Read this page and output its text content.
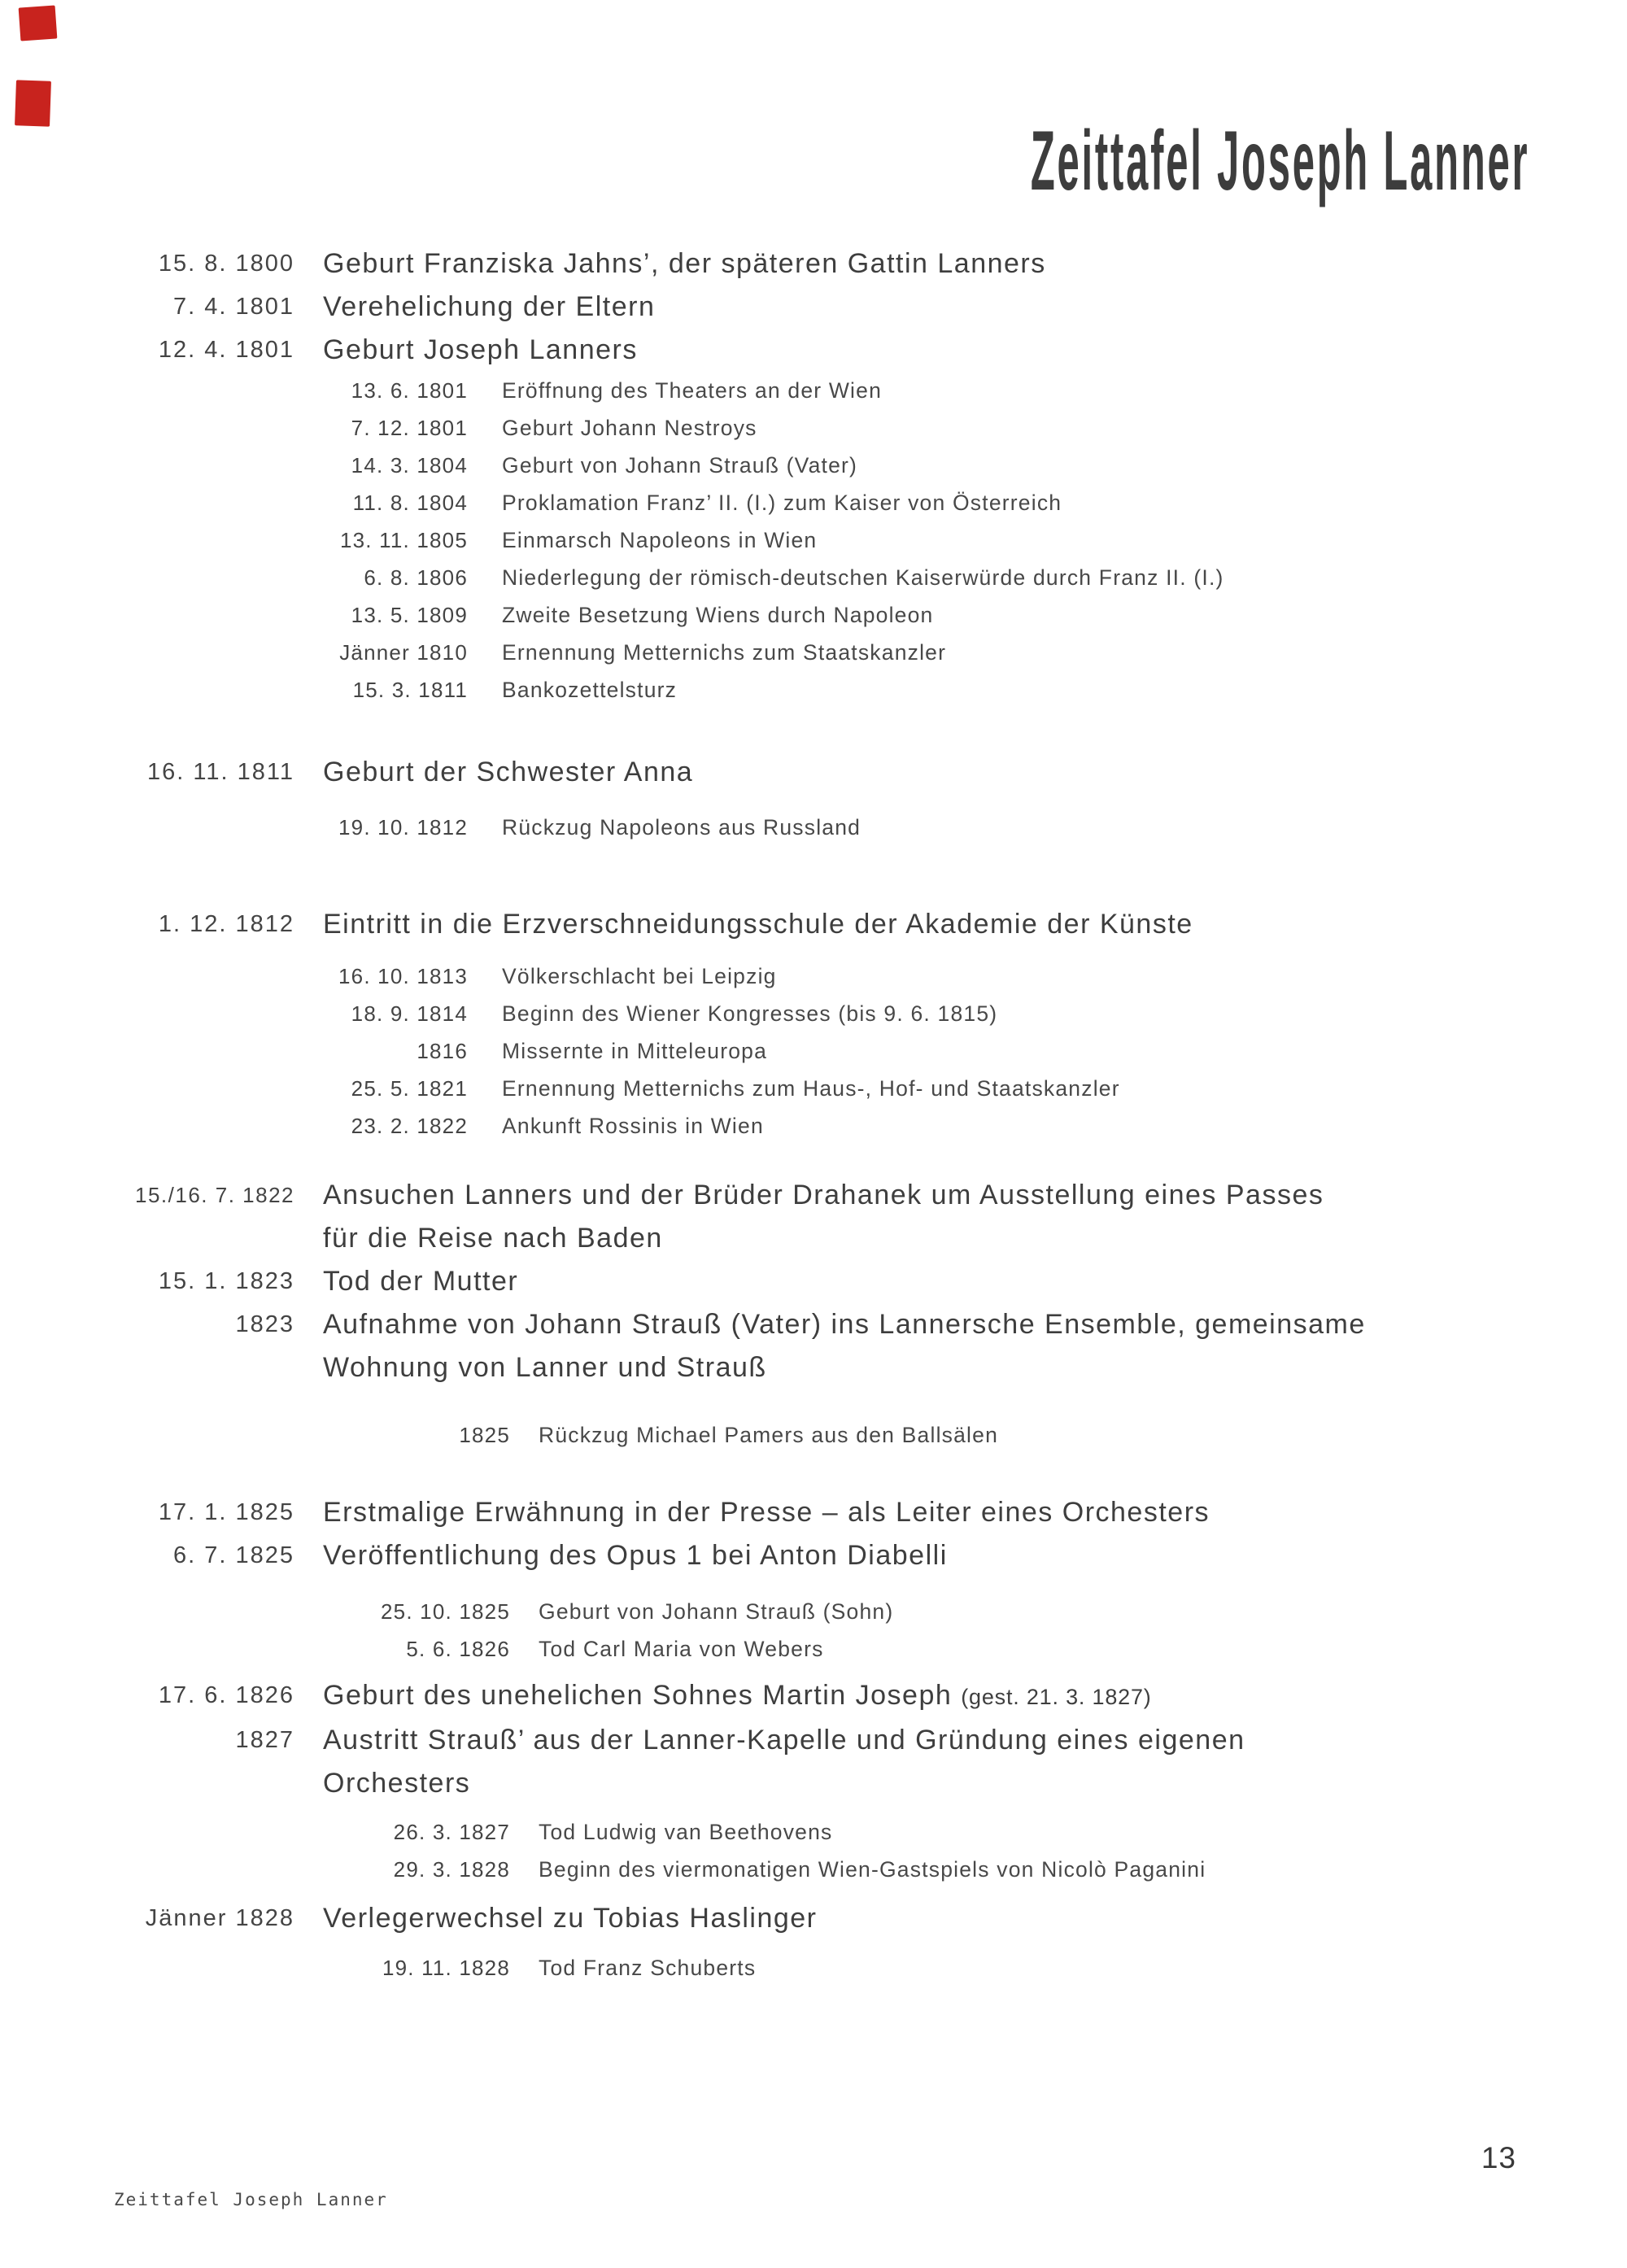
Zeittafel Joseph Lanner
15. 8. 1800 Geburt Franziska Jahns’, der späteren Gattin Lanners
7. 4. 1801 Verehelichung der Eltern
12. 4. 1801 Geburt Joseph Lanners
13. 6. 1801 Eröffnung des Theaters an der Wien
7. 12. 1801 Geburt Johann Nestroys
14. 3. 1804 Geburt von Johann Strauß (Vater)
11. 8. 1804 Proklamation Franz’ II. (I.) zum Kaiser von Österreich
13. 11. 1805 Einmarsch Napoleons in Wien
6. 8. 1806 Niederlegung der römisch-deutschen Kaiserwürde durch Franz II. (I.)
13. 5. 1809 Zweite Besetzung Wiens durch Napoleon
Jänner 1810 Ernennung Metternichs zum Staatskanzler
15. 3. 1811 Bankozettelsturz
16. 11. 1811 Geburt der Schwester Anna
19. 10. 1812 Rückzug Napoleons aus Russland
1. 12. 1812 Eintritt in die Erzverschneidungsschule der Akademie der Künste
16. 10. 1813 Völkerschlacht bei Leipzig
18. 9. 1814 Beginn des Wiener Kongresses (bis 9. 6. 1815)
1816 Missernte in Mitteleuropa
25. 5. 1821 Ernennung Metternichs zum Haus-, Hof- und Staatskanzler
23. 2. 1822 Ankunft Rossinis in Wien
15./16. 7. 1822 Ansuchen Lanners und der Brüder Drahanek um Ausstellung eines Passes
für die Reise nach Baden
15. 1. 1823 Tod der Mutter
1823 Aufnahme von Johann Strauß (Vater) ins Lannersche Ensemble, gemeinsame
Wohnung von Lanner und Strauß
1825 Rückzug Michael Pamers aus den Ballsälen
17. 1. 1825 Erstmalige Erwähnung in der Presse – als Leiter eines Orchesters
6. 7. 1825 Veröffentlichung des Opus 1 bei Anton Diabelli
25. 10. 1825 Geburt von Johann Strauß (Sohn)
5. 6. 1826 Tod Carl Maria von Webers
17. 6. 1826 Geburt des unehelichen Sohnes Martin Joseph (gest. 21. 3. 1827)
1827 Austritt Strauß’ aus der Lanner-Kapelle und Gründung eines eigenen
Orchesters
26. 3. 1827 Tod Ludwig van Beethovens
29. 3. 1828 Beginn des viermonatigen Wien-Gastspiels von Nicolò Paganini
Jänner 1828 Verlegerwechsel zu Tobias Haslinger
19. 11. 1828 Tod Franz Schuberts
Zeittafel Joseph Lanner
13
